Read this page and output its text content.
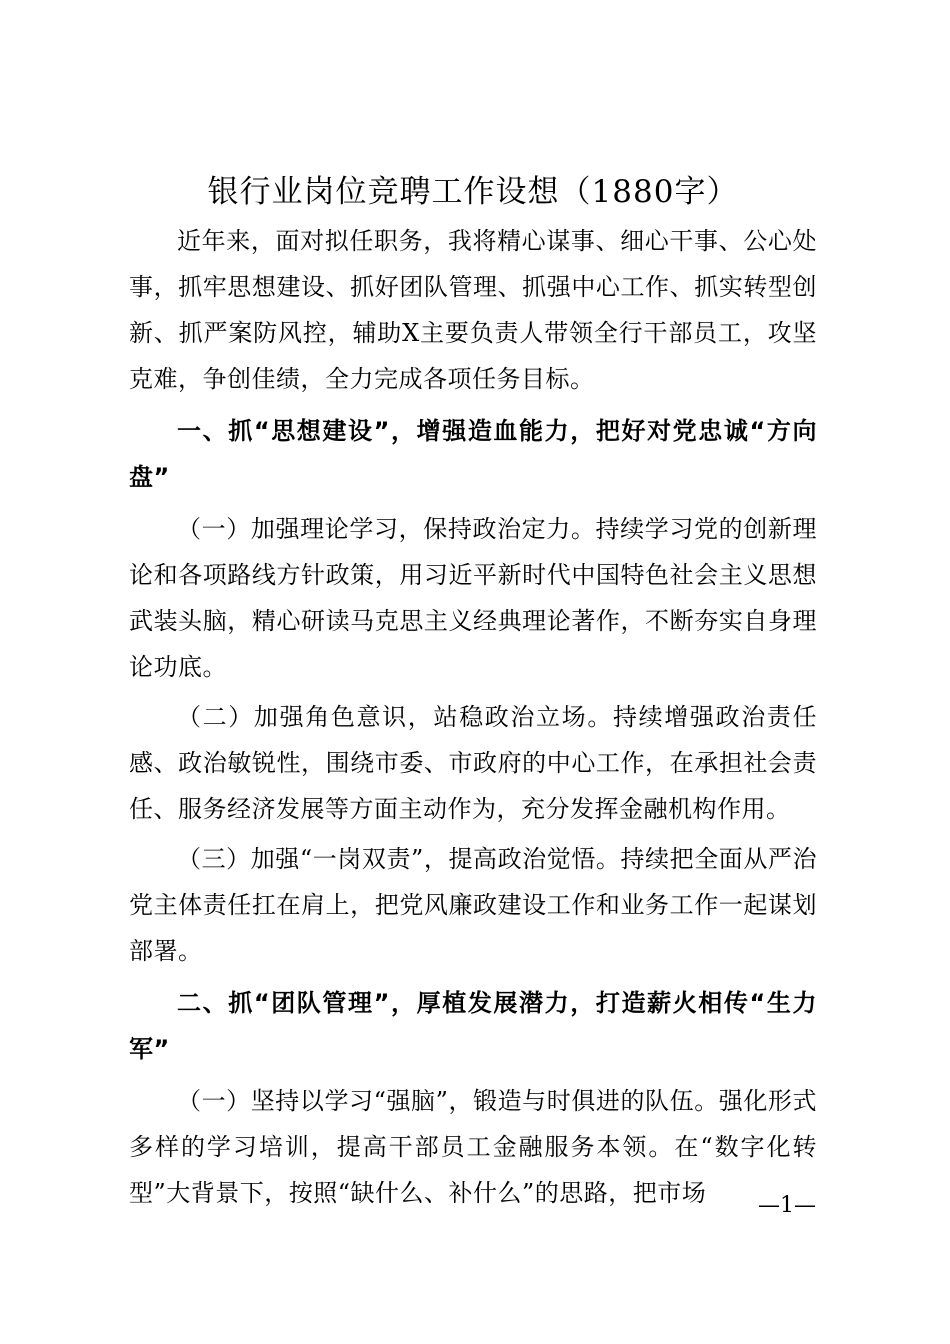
银行业岗位竞聘工作设想（1880字）

近年来，面对拟任职务，我将精心谋事、细心干事、公心处事，抓牢思想建设、抓好团队管理、抓强中心工作、抓实转型创新、抓严案防风控，辅助X主要负责人带领全行干部员工，攻坚克难，争创佳绩，全力完成各项任务目标。

一、抓“思想建设”，增强造血能力，把好对党忠诚“方向盘”

（一）加强理论学习，保持政治定力。持续学习党的创新理论和各项路线方针政策，用习近平新时代中国特色社会主义思想武装头脑，精心研读马克思主义经典理论著作，不断夯实自身理论功底。

（二）加强角色意识，站稳政治立场。持续增强政治责任感、政治敏锐性，围绕市委、市政府的中心工作，在承担社会责任、服务经济发展等方面主动作为，充分发挥金融机构作用。

（三）加强“一岗双责”，提高政治觉悟。持续把全面从严治党主体责任扛在肩上，把党风廉政建设工作和业务工作一起谋划部署。

二、抓“团队管理”，厚植发展潜力，打造薪火相传“生力军”

（一）坚持以学习“强脑”，锻造与时俱进的队伍。强化形式多样的学习培训，提高干部员工金融服务本领。在“数字化转型”大背景下，按照“缺什么、补什么”的思路，把市场	—1—
